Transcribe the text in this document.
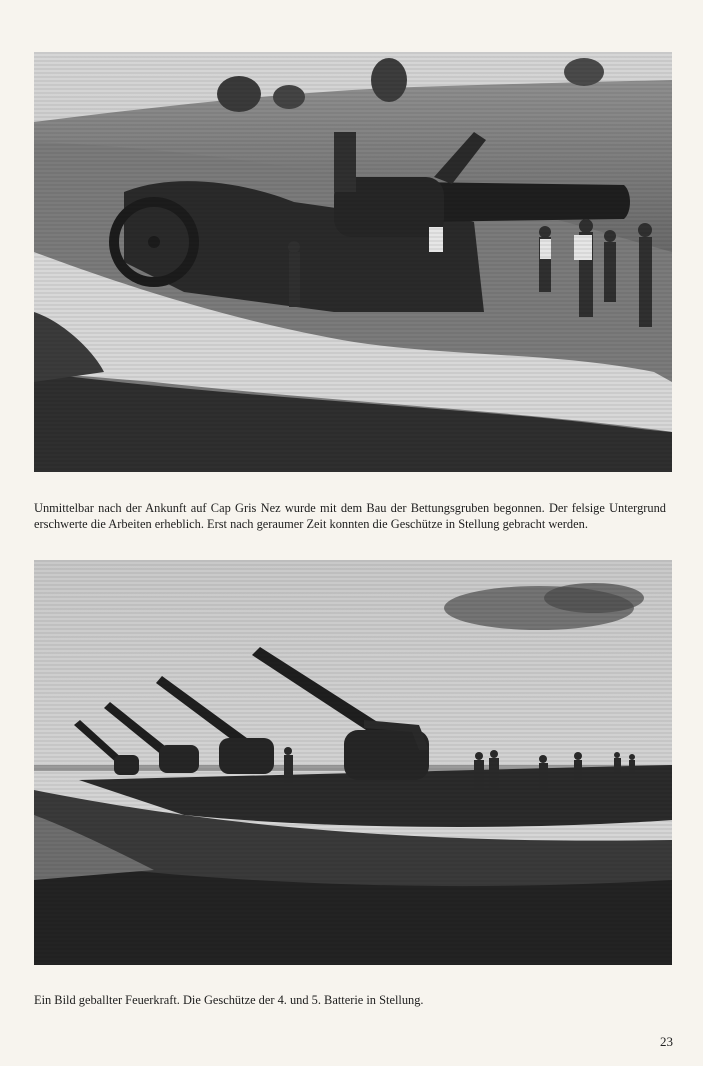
Unmittelbar nach der Ankunft auf Cap Gris Nez wurde mit dem Bau der Bettungsgruben begonnen. Der felsige Untergrund erschwerte die Arbeiten erheblich. Erst nach geraumer Zeit konnten die Geschütze in Stellung gebracht werden.

Ein Bild geballter Feuerkraft. Die Geschütze der 4. und 5. Batterie in Stellung.

23
